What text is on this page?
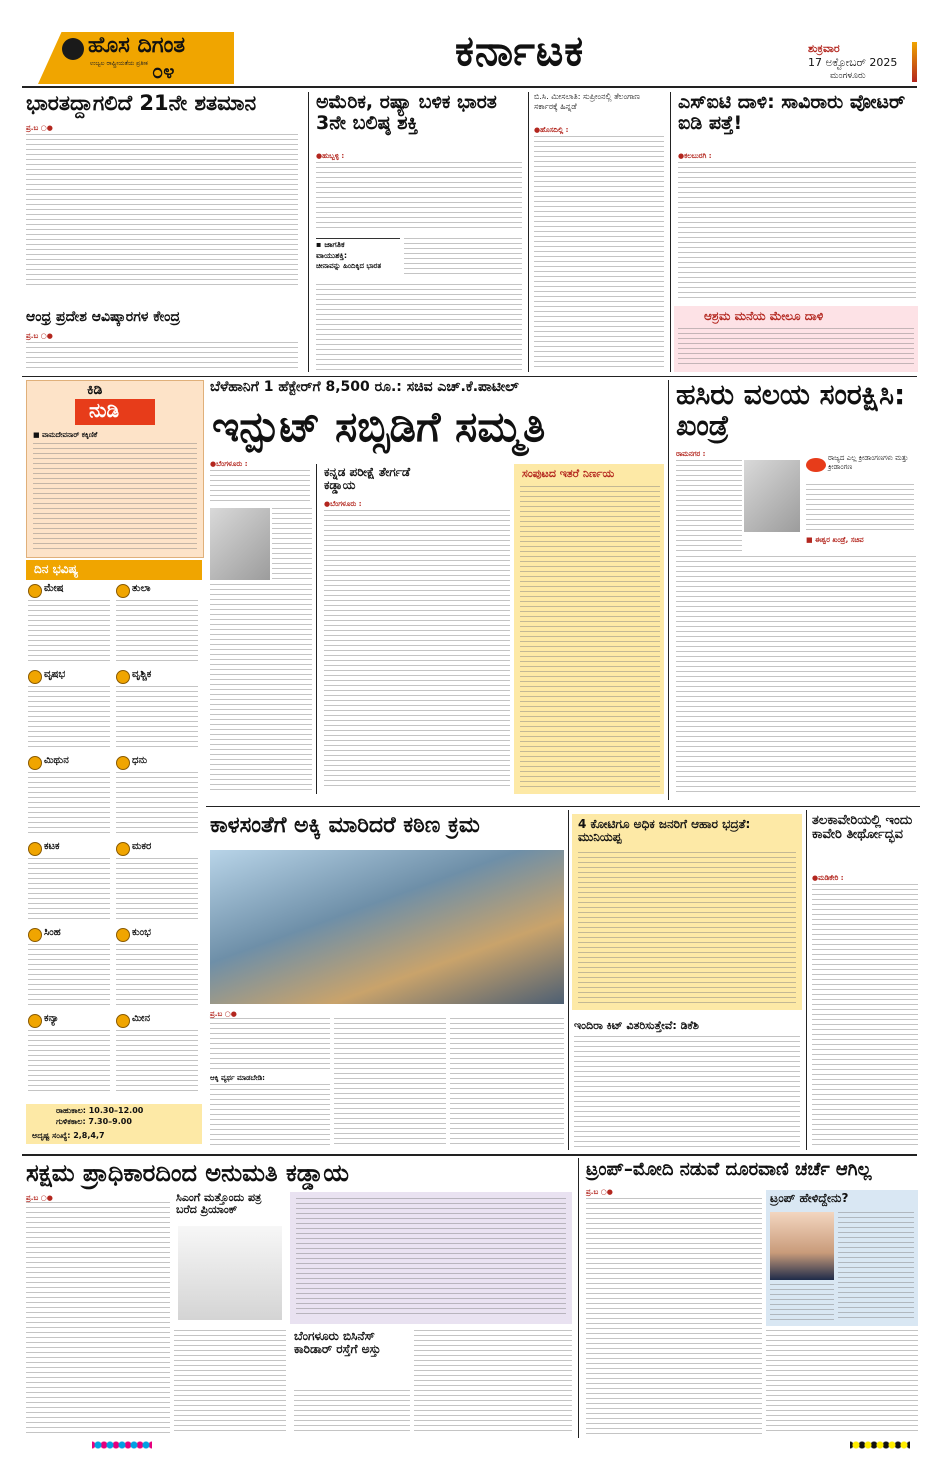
ಹೊಸ ದಿಗಂತ
ಉಜ್ವಲ ರಾಷ್ಟ್ರೀಯತೆಯ ಪ್ರತೀಕ ೦೪	ಕರ್ನಾಟಕ	ಶುಕ್ರವಾರ
17 ಅಕ್ಟೋಬರ್ 2025
ಮಂಗಳೂರು
ಭಾರತದ್ದಾಗಲಿದೆ 21ನೇ ಶತಮಾನ
ಪ್ರ.ಬ ○●
ಆಂಧ್ರ ಪ್ರದೇಶ ಆವಿಷ್ಕಾರಗಳ ಕೇಂದ್ರ
ಪ್ರ.ಬ ○●
ಅಮೆರಿಕ, ರಷ್ಯಾ ಬಳಿಕ ಭಾರತ 3ನೇ ಬಲಿಷ್ಠ ಶಕ್ತಿ
●ಹುಬ್ಬಳ್ಳಿ :
▪ ಜಾಗತಿಕ
ವಾಯುಶಕ್ತಿ:
ಚೀನಾವನ್ನು ಹಿಂದಿಕ್ಕಿದ ಭಾರತ
ಬಿ.ಸಿ. ಮೀಸಲಾತಿ: ಸುಪ್ರೀಂನಲ್ಲಿ ತೆಲಂಗಾಣ ಸರ್ಕಾರಕ್ಕೆ ಹಿನ್ನಡೆ
●ಹೊಸದಿಲ್ಲಿ :
ಎಸ್ಐಟಿ ದಾಳಿ: ಸಾವಿರಾರು ವೋಟರ್ ಐಡಿ ಪತ್ತೆ!
●ಕಲಬುರಗಿ :
ಆಶ್ರಮ ಮನೆಯ ಮೇಲೂ ದಾಳಿ
ಕಿಡಿ
ನುಡಿ
■ ವಾಮದೇವನಾರ್ ಕಕ್ಕಿಣಿಕೆ
ದಿನ ಭವಿಷ್ಯ
ಮೇಷ	ತುಲಾ
ವೃಷಭ	ವೃಶ್ಚಿಕ
ಮಿಥುನ	ಧನು
ಕಟಕ	ಮಕರ
ಸಿಂಹ	ಕುಂಭ
ಕನ್ಯಾ	ಮೀನ
ರಾಹುಕಾಲ: 10.30–12.00
ಗುಳಿಕಕಾಲ: 7.30–9.00
ಅದೃಷ್ಟ ಸಂಖ್ಯೆ: 2,8,4,7
ಬೆಳೆಹಾನಿಗೆ 1 ಹೆಕ್ಟೇರ್‌ಗೆ 8,500 ರೂ.: ಸಚಿವ ಎಚ್.ಕೆ.ಪಾಟೀಲ್
ಇನ್ಪುಟ್ ಸಬ್ಸಿಡಿಗೆ ಸಮ್ಮತಿ
●ಬೆಂಗಳೂರು :
ಕನ್ನಡ ಪರೀಕ್ಷೆ ತೇರ್ಗಡೆ ಕಡ್ಡಾಯ
●ಬೆಂಗಳೂರು :
ಸಂಪುಟದ ಇತರೆ ನಿರ್ಣಯ
ಹಸಿರು ವಲಯ ಸಂರಕ್ಷಿಸಿ: ಖಂಡ್ರೆ
ರಾಮನಗರ :	ರಾಜ್ಯದ ಎಲ್ಲ ಕ್ರೀಡಾಂಗಣಗಳು ಮತ್ತು ಕ್ರೀಡಾಂಗಣ
■ ಈಶ್ವರ ಖಂಡ್ರೆ, ಸಚಿವ
ಕಾಳಸಂತೆಗೆ ಅಕ್ಕಿ ಮಾರಿದರೆ ಕಠಿಣ ಕ್ರಮ
ಪ್ರ.ಬ ○●
ಆಕ್ಕಿ ವ್ಯರ್ಥ ಮಾಡಬೇಡಿ:
4 ಕೋಟಿಗೂ ಅಧಿಕ ಜನರಿಗೆ ಆಹಾರ ಭದ್ರತೆ: ಮುನಿಯಪ್ಪ
ಇಂದಿರಾ ಕಿಟ್ ವಿತರಿಸುತ್ತೇವೆ: ಡಿಕೆಶಿ
ತಲಕಾವೇರಿಯಲ್ಲಿ ಇಂದು ಕಾವೇರಿ ತೀರ್ಥೋದ್ಭವ
●ಮಡಿಕೇರಿ :
ಸಕ್ಷಮ ಪ್ರಾಧಿಕಾರದಿಂದ ಅನುಮತಿ ಕಡ್ಡಾಯ
ಪ್ರ.ಬ ○●	ಸಿಎಂಗೆ ಮತ್ತೊಂದು ಪತ್ರ ಬರೆದ ಪ್ರಿಯಾಂಕ್
ಬೆಂಗಳೂರು ಬಿಸಿನೆಸ್ ಕಾರಿಡಾರ್ ರಸ್ತೆಗೆ ಅಸ್ತು
ಟ್ರಂಪ್–ಮೋದಿ ನಡುವೆ ದೂರವಾಣಿ ಚರ್ಚೆ ಆಗಿಲ್ಲ
ಪ್ರ.ಬ ○●	ಟ್ರಂಪ್ ಹೇಳಿದ್ದೇನು?
